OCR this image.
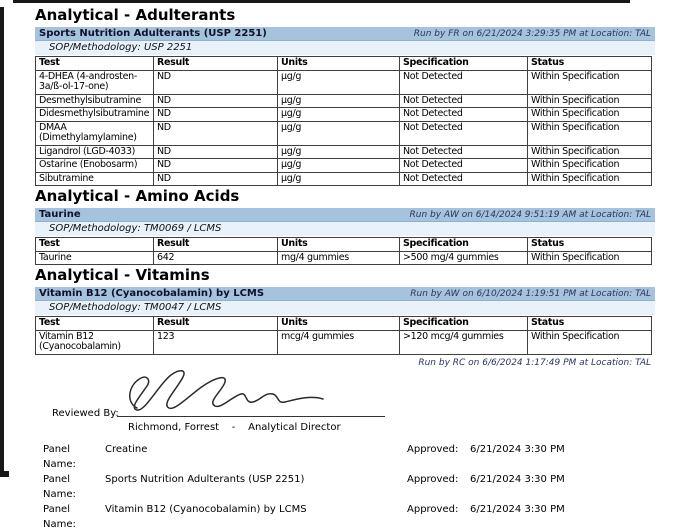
Analytical - Adulterants
Sports Nutrition Adulterants (USP 2251)	Run by FR on 6/21/2024 3:29:35 PM at Location: TAL
SOP/Methodology: USP 2251
Test	Result	Units	Specification	Status
4-DHEA (4-androsten-3a/ß-ol-17-one)	ND	µg/g	Not Detected	Within Specification
Desmethylsibutramine	ND	µg/g	Not Detected	Within Specification
Didesmethylsibutramine	ND	µg/g	Not Detected	Within Specification
DMAA (Dimethylamylamine)	ND	µg/g	Not Detected	Within Specification
Ligandrol (LGD-4033)	ND	µg/g	Not Detected	Within Specification
Ostarine (Enobosarm)	ND	µg/g	Not Detected	Within Specification
Sibutramine	ND	µg/g	Not Detected	Within Specification
Analytical - Amino Acids
Taurine	Run by AW on 6/14/2024 9:51:19 AM at Location: TAL
SOP/Methodology: TM0069 / LCMS
Test	Result	Units	Specification	Status
Taurine	642	mg/4 gummies	>500 mg/4 gummies	Within Specification
Analytical - Vitamins
Vitamin B12 (Cyanocobalamin) by LCMS	Run by AW on 6/10/2024 1:19:51 PM at Location: TAL
SOP/Methodology: TM0047 / LCMS
Test	Result	Units	Specification	Status
Vitamin B12 (Cyanocobalamin)	123	mcg/4 gummies	>120 mcg/4 gummies	Within Specification
Run by RC on 6/6/2024 1:17:49 PM at Location: TAL
Reviewed By:
Richmond, Forrest    -    Analytical Director
Panel Name:
Creatine	Approved:	6/21/2024 3:30 PM
Panel Name:
Sports Nutrition Adulterants (USP 2251)	Approved:	6/21/2024 3:30 PM
Panel Name:
Vitamin B12 (Cyanocobalamin) by LCMS	Approved:	6/21/2024 3:30 PM
